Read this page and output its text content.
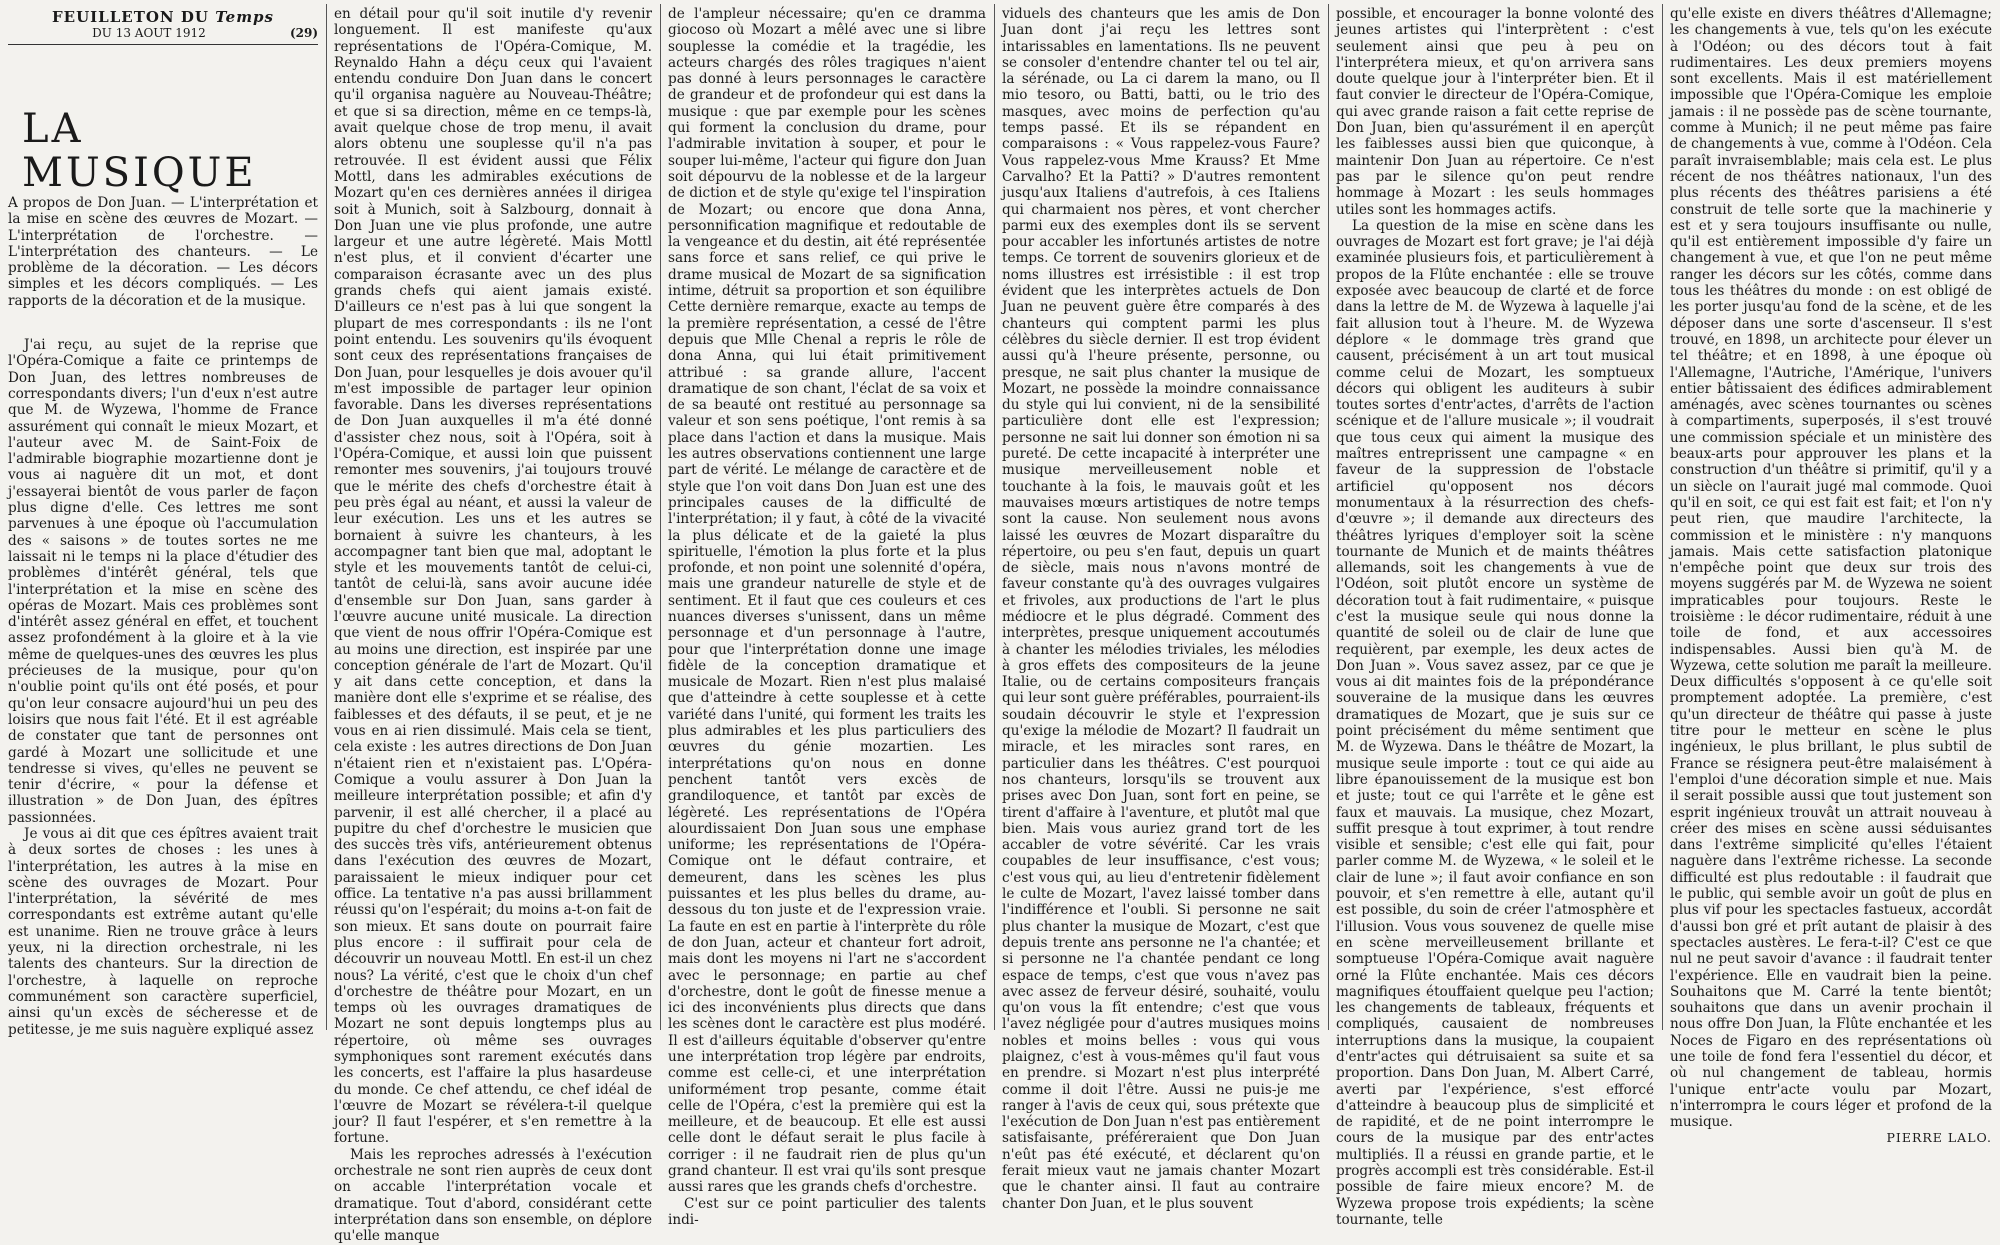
FEUILLETON DU Temps
DU 13 AOUT 1912	(29)
LA MUSIQUE

A propos de Don Juan. — L'interprétation et la mise en scène des œuvres de Mozart. — L'interprétation de l'orchestre. — L'interprétation des chanteurs. — Le problème de la décoration. — Les décors simples et les décors compliqués. — Les rapports de la décoration et de la musique.

J'ai reçu, au sujet de la reprise que l'Opéra-Comique a faite ce printemps de Don Juan, des lettres nombreuses de correspondants divers; l'un d'eux n'est autre que M. de Wyzewa, l'homme de France assurément qui connaît le mieux Mozart, et l'auteur avec M. de Saint-Foix de l'admirable biographie mozartienne dont je vous ai naguère dit un mot, et dont j'essayerai bientôt de vous parler de façon plus digne d'elle. Ces lettres me sont parvenues à une époque où l'accumulation des « saisons » de toutes sortes ne me laissait ni le temps ni la place d'étudier des problèmes d'intérêt général, tels que l'interprétation et la mise en scène des opéras de Mozart. Mais ces problèmes sont d'intérêt assez général en effet, et touchent assez profondément à la gloire et à la vie même de quelques-unes des œuvres les plus précieuses de la musique, pour qu'on n'oublie point qu'ils ont été posés, et pour qu'on leur consacre aujourd'hui un peu des loisirs que nous fait l'été. Et il est agréable de constater que tant de personnes ont gardé à Mozart une sollicitude et une tendresse si vives, qu'elles ne peuvent se tenir d'écrire, « pour la défense et illustration » de Don Juan, des épîtres passionnées.

Je vous ai dit que ces épîtres avaient trait à deux sortes de choses : les unes à l'interprétation, les autres à la mise en scène des ouvrages de Mozart. Pour l'interprétation, la sévérité de mes correspondants est extrême autant qu'elle est unanime. Rien ne trouve grâce à leurs yeux, ni la direction orchestrale, ni les talents des chanteurs. Sur la direction de l'orchestre, à laquelle on reproche communément son caractère superficiel, ainsi qu'un excès de sécheresse et de petitesse, je me suis naguère expliqué assez

en détail pour qu'il soit inutile d'y revenir longuement. Il est manifeste qu'aux représentations de l'Opéra-Comique, M. Reynaldo Hahn a déçu ceux qui l'avaient entendu conduire Don Juan dans le concert qu'il organisa naguère au Nouveau-Théâtre; et que si sa direction, même en ce temps-là, avait quelque chose de trop menu, il avait alors obtenu une souplesse qu'il n'a pas retrouvée. Il est évident aussi que Félix Mottl, dans les admirables exécutions de Mozart qu'en ces dernières années il dirigea soit à Munich, soit à Salzbourg, donnait à Don Juan une vie plus profonde, une autre largeur et une autre légèreté. Mais Mottl n'est plus, et il convient d'écarter une comparaison écrasante avec un des plus grands chefs qui aient jamais existé. D'ailleurs ce n'est pas à lui que songent la plupart de mes correspondants : ils ne l'ont point entendu. Les souvenirs qu'ils évoquent sont ceux des représentations françaises de Don Juan, pour lesquelles je dois avouer qu'il m'est impossible de partager leur opinion favorable. Dans les diverses représentations de Don Juan auxquelles il m'a été donné d'assister chez nous, soit à l'Opéra, soit à l'Opéra-Comique, et aussi loin que puissent remonter mes souvenirs, j'ai toujours trouvé que le mérite des chefs d'orchestre était à peu près égal au néant, et aussi la valeur de leur exécution. Les uns et les autres se bornaient à suivre les chanteurs, à les accompagner tant bien que mal, adoptant le style et les mouvements tantôt de celui-ci, tantôt de celui-là, sans avoir aucune idée d'ensemble sur Don Juan, sans garder à l'œuvre aucune unité musicale. La direction que vient de nous offrir l'Opéra-Comique est au moins une direction, est inspirée par une conception générale de l'art de Mozart. Qu'il y ait dans cette conception, et dans la manière dont elle s'exprime et se réalise, des faiblesses et des défauts, il se peut, et je ne vous en ai rien dissimulé. Mais cela se tient, cela existe : les autres directions de Don Juan n'étaient rien et n'existaient pas. L'Opéra-Comique a voulu assurer à Don Juan la meilleure interprétation possible; et afin d'y parvenir, il est allé chercher, il a placé au pupitre du chef d'orchestre le musicien que des succès très vifs, antérieurement obtenus dans l'exécution des œuvres de Mozart, paraissaient le mieux indiquer pour cet office. La tentative n'a pas aussi brillamment réussi qu'on l'espérait; du moins a-t-on fait de son mieux. Et sans doute on pourrait faire plus encore : il suffirait pour cela de découvrir un nouveau Mottl. En est-il un chez nous? La vérité, c'est que le choix d'un chef d'orchestre de théâtre pour Mozart, en un temps où les ouvrages dramatiques de Mozart ne sont depuis longtemps plus au répertoire, où même ses ouvrages symphoniques sont rarement exécutés dans les concerts, est l'affaire la plus hasardeuse du monde. Ce chef attendu, ce chef idéal de l'œuvre de Mozart se révélera-t-il quelque jour? Il faut l'espérer, et s'en remettre à la fortune.

Mais les reproches adressés à l'exécution orchestrale ne sont rien auprès de ceux dont on accable l'interprétation vocale et dramatique. Tout d'abord, considérant cette interprétation dans son ensemble, on déplore qu'elle manque

de l'ampleur nécessaire; qu'en ce dramma giocoso où Mozart a mêlé avec une si libre souplesse la comédie et la tragédie, les acteurs chargés des rôles tragiques n'aient pas donné à leurs personnages le caractère de grandeur et de profondeur qui est dans la musique : que par exemple pour les scènes qui forment la conclusion du drame, pour l'admirable invitation à souper, et pour le souper lui-même, l'acteur qui figure don Juan soit dépourvu de la noblesse et de la largeur de diction et de style qu'exige tel l'inspiration de Mozart; ou encore que dona Anna, personnification magnifique et redoutable de la vengeance et du destin, ait été représentée sans force et sans relief, ce qui prive le drame musical de Mozart de sa signification intime, détruit sa proportion et son équilibre Cette dernière remarque, exacte au temps de la première représentation, a cessé de l'être depuis que Mlle Chenal a repris le rôle de dona Anna, qui lui était primitivement attribué : sa grande allure, l'accent dramatique de son chant, l'éclat de sa voix et de sa beauté ont restitué au personnage sa valeur et son sens poétique, l'ont remis à sa place dans l'action et dans la musique. Mais les autres observations contiennent une large part de vérité. Le mélange de caractère et de style que l'on voit dans Don Juan est une des principales causes de la difficulté de l'interprétation; il y faut, à côté de la vivacité la plus délicate et de la gaieté la plus spirituelle, l'émotion la plus forte et la plus profonde, et non point une solennité d'opéra, mais une grandeur naturelle de style et de sentiment. Et il faut que ces couleurs et ces nuances diverses s'unissent, dans un même personnage et d'un personnage à l'autre, pour que l'interprétation donne une image fidèle de la conception dramatique et musicale de Mozart. Rien n'est plus malaisé que d'atteindre à cette souplesse et à cette variété dans l'unité, qui forment les traits les plus admirables et les plus particuliers des œuvres du génie mozartien. Les interprétations qu'on nous en donne penchent tantôt vers excès de grandiloquence, et tantôt par excès de légèreté. Les représentations de l'Opéra alourdissaient Don Juan sous une emphase uniforme; les représentations de l'Opéra-Comique ont le défaut contraire, et demeurent, dans les scènes les plus puissantes et les plus belles du drame, au-dessous du ton juste et de l'expression vraie. La faute en est en partie à l'interprète du rôle de don Juan, acteur et chanteur fort adroit, mais dont les moyens ni l'art ne s'accordent avec le personnage; en partie au chef d'orchestre, dont le goût de finesse menue a ici des inconvénients plus directs que dans les scènes dont le caractère est plus modéré. Il est d'ailleurs équitable d'observer qu'entre une interprétation trop légère par endroits, comme est celle-ci, et une interprétation uniformément trop pesante, comme était celle de l'Opéra, c'est la première qui est la meilleure, et de beaucoup. Et elle est aussi celle dont le défaut serait le plus facile à corriger : il ne faudrait rien de plus qu'un grand chanteur. Il est vrai qu'ils sont presque aussi rares que les grands chefs d'orchestre.

C'est sur ce point particulier des talents indi-

viduels des chanteurs que les amis de Don Juan dont j'ai reçu les lettres sont intarissables en lamentations. Ils ne peuvent se consoler d'entendre chanter tel ou tel air, la sérénade, ou La ci darem la mano, ou Il mio tesoro, ou Batti, batti, ou le trio des masques, avec moins de perfection qu'au temps passé. Et ils se répandent en comparaisons : « Vous rappelez-vous Faure? Vous rappelez-vous Mme Krauss? Et Mme Carvalho? Et la Patti? » D'autres remontent jusqu'aux Italiens d'autrefois, à ces Italiens qui charmaient nos pères, et vont chercher parmi eux des exemples dont ils se servent pour accabler les infortunés artistes de notre temps. Ce torrent de souvenirs glorieux et de noms illustres est irrésistible : il est trop évident que les interprètes actuels de Don Juan ne peuvent guère être comparés à des chanteurs qui comptent parmi les plus célèbres du siècle dernier. Il est trop évident aussi qu'à l'heure présente, personne, ou presque, ne sait plus chanter la musique de Mozart, ne possède la moindre connaissance du style qui lui convient, ni de la sensibilité particulière dont elle est l'expression; personne ne sait lui donner son émotion ni sa pureté. De cette incapacité à interpréter une musique merveilleusement noble et touchante à la fois, le mauvais goût et les mauvaises mœurs artistiques de notre temps sont la cause. Non seulement nous avons laissé les œuvres de Mozart disparaître du répertoire, ou peu s'en faut, depuis un quart de siècle, mais nous n'avons montré de faveur constante qu'à des ouvrages vulgaires et frivoles, aux productions de l'art le plus médiocre et le plus dégradé. Comment des interprètes, presque uniquement accoutumés à chanter les mélodies triviales, les mélodies à gros effets des compositeurs de la jeune Italie, ou de certains compositeurs français qui leur sont guère préférables, pourraient-ils soudain découvrir le style et l'expression qu'exige la mélodie de Mozart? Il faudrait un miracle, et les miracles sont rares, en particulier dans les théâtres. C'est pourquoi nos chanteurs, lorsqu'ils se trouvent aux prises avec Don Juan, sont fort en peine, se tirent d'affaire à l'aventure, et plutôt mal que bien. Mais vous auriez grand tort de les accabler de votre sévérité. Car les vrais coupables de leur insuffisance, c'est vous; c'est vous qui, au lieu d'entretenir fidèlement le culte de Mozart, l'avez laissé tomber dans l'indifférence et l'oubli. Si personne ne sait plus chanter la musique de Mozart, c'est que depuis trente ans personne ne l'a chantée; et si personne ne l'a chantée pendant ce long espace de temps, c'est que vous n'avez pas avec assez de ferveur désiré, souhaité, voulu qu'on vous la fît entendre; c'est que vous l'avez négligée pour d'autres musiques moins nobles et moins belles : vous qui vous plaignez, c'est à vous-mêmes qu'il faut vous en prendre. si Mozart n'est plus interprété comme il doit l'être. Aussi ne puis-je me ranger à l'avis de ceux qui, sous prétexte que l'exécution de Don Juan n'est pas entièrement satisfaisante, préféreraient que Don Juan n'eût pas été exécuté, et déclarent qu'on ferait mieux vaut ne jamais chanter Mozart que le chanter ainsi. Il faut au contraire chanter Don Juan, et le plus souvent

possible, et encourager la bonne volonté des jeunes artistes qui l'interprètent : c'est seulement ainsi que peu à peu on l'interprétera mieux, et qu'on arrivera sans doute quelque jour à l'interpréter bien. Et il faut convier le directeur de l'Opéra-Comique, qui avec grande raison a fait cette reprise de Don Juan, bien qu'assurément il en aperçût les faiblesses aussi bien que quiconque, à maintenir Don Juan au répertoire. Ce n'est pas par le silence qu'on peut rendre hommage à Mozart : les seuls hommages utiles sont les hommages actifs.

La question de la mise en scène dans les ouvrages de Mozart est fort grave; je l'ai déjà examinée plusieurs fois, et particulièrement à propos de la Flûte enchantée : elle se trouve exposée avec beaucoup de clarté et de force dans la lettre de M. de Wyzewa à laquelle j'ai fait allusion tout à l'heure. M. de Wyzewa déplore « le dommage très grand que causent, précisément à un art tout musical comme celui de Mozart, les somptueux décors qui obligent les auditeurs à subir toutes sortes d'entr'actes, d'arrêts de l'action scénique et de l'allure musicale »; il voudrait que tous ceux qui aiment la musique des maîtres entreprissent une campagne « en faveur de la suppression de l'obstacle artificiel qu'opposent nos décors monumentaux à la résurrection des chefs-d'œuvre »; il demande aux directeurs des théâtres lyriques d'employer soit la scène tournante de Munich et de maints théâtres allemands, soit les changements à vue de l'Odéon, soit plutôt encore un système de décoration tout à fait rudimentaire, « puisque c'est la musique seule qui nous donne la quantité de soleil ou de clair de lune que requièrent, par exemple, les deux actes de Don Juan ». Vous savez assez, par ce que je vous ai dit maintes fois de la prépondérance souveraine de la musique dans les œuvres dramatiques de Mozart, que je suis sur ce point précisément du même sentiment que M. de Wyzewa. Dans le théâtre de Mozart, la musique seule importe : tout ce qui aide au libre épanouissement de la musique est bon et juste; tout ce qui l'arrête et le gêne est faux et mauvais. La musique, chez Mozart, suffit presque à tout exprimer, à tout rendre visible et sensible; c'est elle qui fait, pour parler comme M. de Wyzewa, « le soleil et le clair de lune »; il faut avoir confiance en son pouvoir, et s'en remettre à elle, autant qu'il est possible, du soin de créer l'atmosphère et l'illusion. Vous vous souvenez de quelle mise en scène merveilleusement brillante et somptueuse l'Opéra-Comique avait naguère orné la Flûte enchantée. Mais ces décors magnifiques étouffaient quelque peu l'action; les changements de tableaux, fréquents et compliqués, causaient de nombreuses interruptions dans la musique, la coupaient d'entr'actes qui détruisaient sa suite et sa proportion. Dans Don Juan, M. Albert Carré, averti par l'expérience, s'est efforcé d'atteindre à beaucoup plus de simplicité et de rapidité, et de ne point interrompre le cours de la musique par des entr'actes multipliés. Il a réussi en grande partie, et le progrès accompli est très considérable. Est-il possible de faire mieux encore? M. de Wyzewa propose trois expédients; la scène tournante, telle

qu'elle existe en divers théâtres d'Allemagne; les changements à vue, tels qu'on les exécute à l'Odéon; ou des décors tout à fait rudimentaires. Les deux premiers moyens sont excellents. Mais il est matériellement impossible que l'Opéra-Comique les emploie jamais : il ne possède pas de scène tournante, comme à Munich; il ne peut même pas faire de changements à vue, comme à l'Odéon. Cela paraît invraisemblable; mais cela est. Le plus récent de nos théâtres nationaux, l'un des plus récents des théâtres parisiens a été construit de telle sorte que la machinerie y est et y sera toujours insuffisante ou nulle, qu'il est entièrement impossible d'y faire un changement à vue, et que l'on ne peut même ranger les décors sur les côtés, comme dans tous les théâtres du monde : on est obligé de les porter jusqu'au fond de la scène, et de les déposer dans une sorte d'ascenseur. Il s'est trouvé, en 1898, un architecte pour élever un tel théâtre; et en 1898, à une époque où l'Allemagne, l'Autriche, l'Amérique, l'univers entier bâtissaient des édifices admirablement aménagés, avec scènes tournantes ou scènes à compartiments, superposés, il s'est trouvé une commission spéciale et un ministère des beaux-arts pour approuver les plans et la construction d'un théâtre si primitif, qu'il y a un siècle on l'aurait jugé mal commode. Quoi qu'il en soit, ce qui est fait est fait; et l'on n'y peut rien, que maudire l'architecte, la commission et le ministère : n'y manquons jamais. Mais cette satisfaction platonique n'empêche point que deux sur trois des moyens suggérés par M. de Wyzewa ne soient impraticables pour toujours. Reste le troisième : le décor rudimentaire, réduit à une toile de fond, et aux accessoires indispensables. Aussi bien qu'à M. de Wyzewa, cette solution me paraît la meilleure. Deux difficultés s'opposent à ce qu'elle soit promptement adoptée. La première, c'est qu'un directeur de théâtre qui passe à juste titre pour le metteur en scène le plus ingénieux, le plus brillant, le plus subtil de France se résignera peut-être malaisément à l'emploi d'une décoration simple et nue. Mais il serait possible aussi que tout justement son esprit ingénieux trouvât un attrait nouveau à créer des mises en scène aussi séduisantes dans l'extrême simplicité qu'elles l'étaient naguère dans l'extrême richesse. La seconde difficulté est plus redoutable : il faudrait que le public, qui semble avoir un goût de plus en plus vif pour les spectacles fastueux, accordât d'aussi bon gré et prît autant de plaisir à des spectacles austères. Le fera-t-il? C'est ce que nul ne peut savoir d'avance : il faudrait tenter l'expérience. Elle en vaudrait bien la peine. Souhaitons que M. Carré la tente bientôt; souhaitons que dans un avenir prochain il nous offre Don Juan, la Flûte enchantée et les Noces de Figaro en des représentations où une toile de fond fera l'essentiel du décor, et où nul changement de tableau, hormis l'unique entr'acte voulu par Mozart, n'interrompra le cours léger et profond de la musique.

PIERRE LALO.
